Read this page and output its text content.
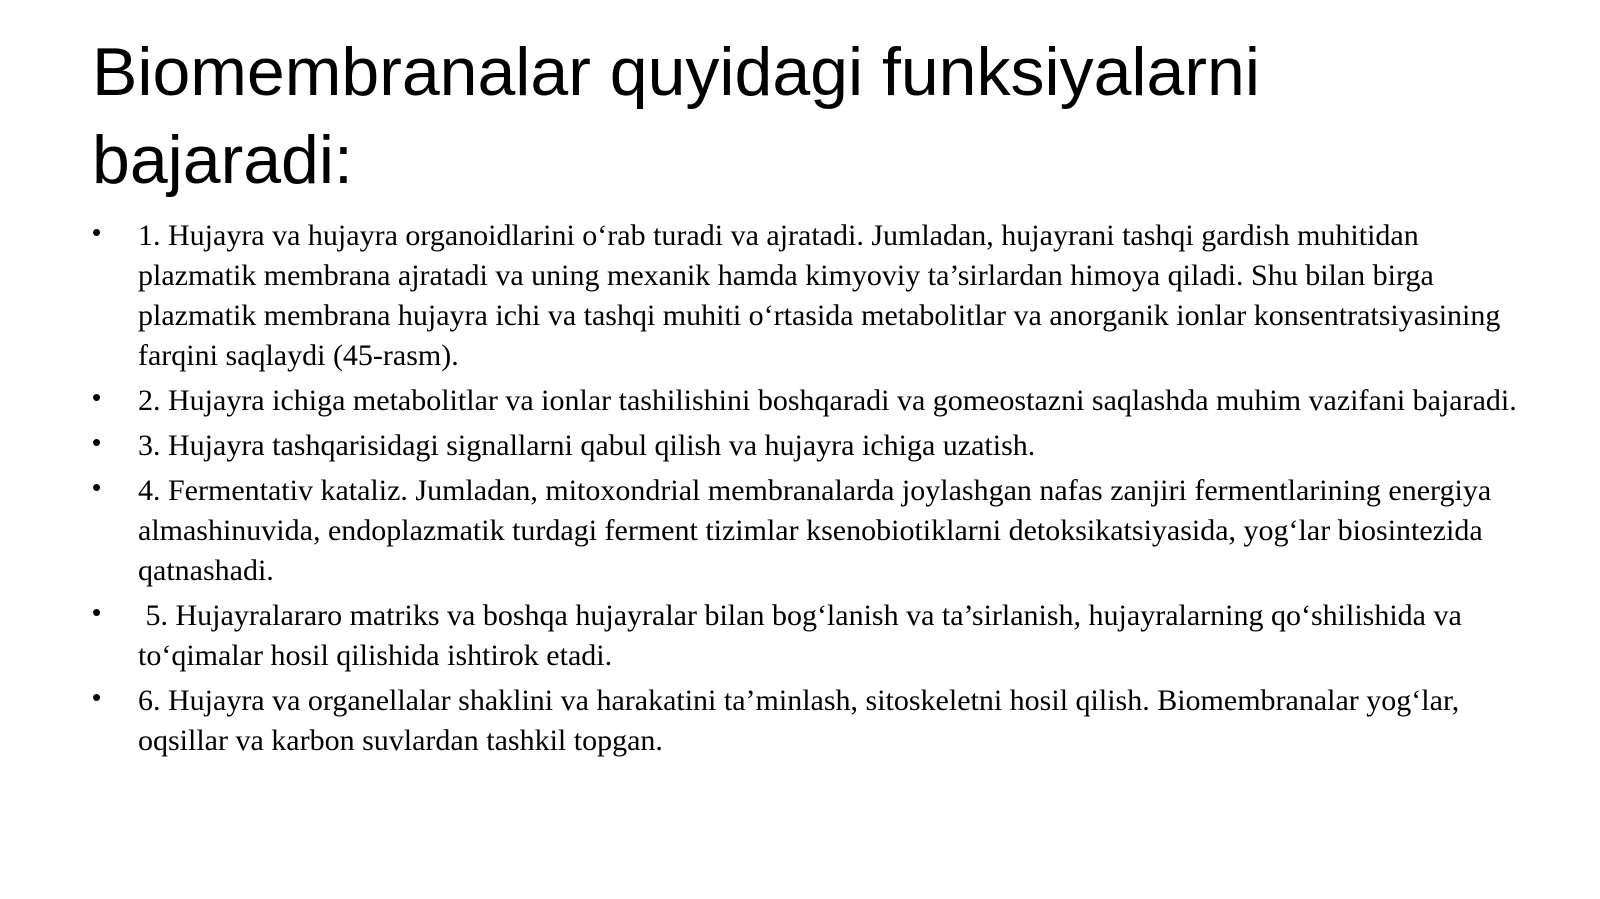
Biomembranalar quyidagi funksiyalarni bajaradi:
• 1. Hujayra va hujayra organoidlarini o‘rab turadi va ajratadi. Jumladan, hujayrani tashqi gardish muhitidan plazmatik membrana ajratadi va uning mexanik hamda kimyoviy ta’sirlardan himoya qiladi. Shu bilan birga plazmatik membrana hujayra ichi va tashqi muhiti o‘rtasida metabolitlar va anorganik ionlar konsentratsiyasining farqini saqlaydi (45-rasm).
• 2. Hujayra ichiga metabolitlar va ionlar tashilishini boshqaradi va gomeostazni saqlashda muhim vazifani bajaradi.
• 3. Hujayra tashqarisidagi signallarni qabul qilish va hujayra ichiga uzatish.
• 4. Fermentativ kataliz. Jumladan, mitoxondrial membranalarda joylashgan nafas zanjiri fermentlarining energiya almashinuvida, endoplazmatik turdagi ferment tizimlar ksenobiotiklarni detoksikatsiyasida, yog‘lar biosintezida qatnashadi.
• 5. Hujayralararo matriks va boshqa hujayralar bilan bog‘lanish va ta’sirlanish, hujayralarning qo‘shilishida va to‘qimalar hosil qilishida ishtirok etadi.
• 6. Hujayra va organellalar shaklini va harakatini ta’minlash, sitoskeletni hosil qilish. Biomembranalar yog‘lar, oqsillar va karbon suvlardan tashkil topgan.
